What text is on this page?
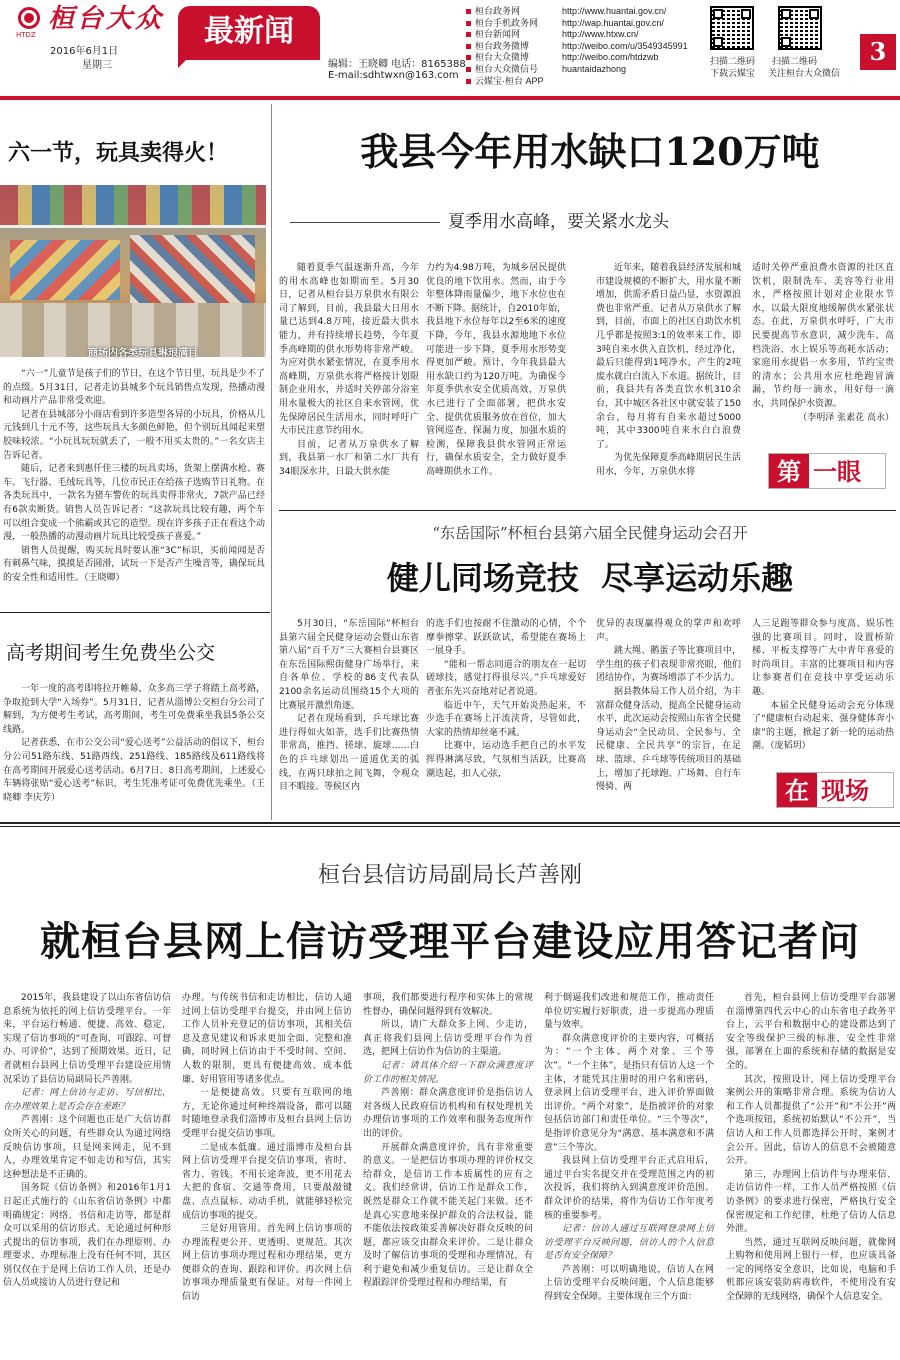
桓台大众
HTDZ
2016年6月1日
星期三
最新闻
编辑：王晓卿 电话：8165388
E-mail:sdhtwxn@163.com
桓台政务网	http://www.huantai.gov.cn/
桓台手机政务网	http://wap.huantai.gov.cn/
桓台新闻网	http://www.htxw.cn/
桓台政务微博	http://weibo.com/u/3549345991
桓台大众微博	http://weibo.com/htdzwb
桓台大众微信号	huantaidazhong
云媒宝·桓台 APP
扫描二维码
下载云媒宝
扫描二维码
关注桓台大众微信
3
六一节，玩具卖得火！
商场内各类玩具琳琅满目

“六一”儿童节是孩子们的节日，在这个节日里，玩具是少不了的点缀。5月31日，记者走访县城多个玩具销售点发现，热播动漫和动画片产品非常受欢迎。

记者在县城部分小商店看到许多造型各异的小玩具，价格从几元钱到几十元不等，这些玩具大多颜色鲜艳，但个别玩具闻起来塑胶味较浓。“小玩具玩玩就丢了，一般不用买太贵的。”一名女店主告诉记者。

随后，记者来到惠仟佳三楼的玩具卖场，货架上摆满水枪、赛车、飞行器、毛绒玩具等，几位市民正在给孩子选购节日礼物。在各类玩具中，一款名为猪车警佐的玩具卖得非常火，7款产品已经有6款卖断货。销售人员告诉记者：“这款玩具比较有趣，两个车可以组合变成一个熊霸或其它的造型。现在许多孩子正在看这个动漫，一般热播的动漫动画片玩具比较受孩子喜爱。”

销售人员提醒，购买玩具时要认准“3C”标识，买前闻闻是否有刺鼻气味，摸摸是否圆滑，试玩一下是否产生噪音等，确保玩具的安全性和适用性。（王晓卿）

高考期间考生免费坐公交

一年一度的高考即将拉开帷幕，众多高三学子将踏上高考路，争取抢到大学“入场券”。5月31日，记者从淄博公交桓台分公司了解到，为方便考生考试，高考期间，考生可免费乘坐我县5条公交线路。

记者获悉，在市公交公司“爱心送考”公益活动的倡议下，桓台分公司51路东线、51路西线、251路线、185路线及611路线将在高考期间开展爱心送考活动。6月7日、8日高考期间，上述爱心车辆将张贴“爱心送考”标识，考生凭准考证可免费优先乘坐。（王晓卿 李庆芳）

我县今年用水缺口120万吨
夏季用水高峰，要关紧水龙头

随着夏季气温逐渐升高，今年的用水高峰也如期而至。5月30日，记者从桓台县万泉供水有限公司了解到，目前，我县最大日用水量已达到4.8万吨，接近最大供水能力，并有持续增长趋势，今年夏季高峰期的供水形势将非常严峻。为应对供水紧张情况，在夏季用水高峰期，万泉供水将严格按计划限制企业用水，并适时关停部分浴室用水量极大的社区自来水管网，优先保障居民生活用水，同时呼吁广大市民注意节约用水。

目前，记者从万泉供水了解到，我县第一水厂和第二水厂共有34眼深水井，日最大供水能

力约为4.98万吨，为城乡居民提供优良的地下饮用水。然而，由于今年整体降雨量偏少，地下水位也在不断下降。据统计，自2010年始，我县地下水位每年以2至6米的速度下降，今年，我县水源地地下水位可能进一步下降，夏季用水形势变得更加严峻。预计，今年我县最大用水缺口约为120万吨。为确保今年夏季供水安全优质高效，万泉供水已进行了全面部署，把供水安全、提供优质服务放在首位，加大管网巡查、探漏力度，加强水质的检测，保障我县供水管网正常运行，确保水质安全，全力做好夏季高峰期供水工作。

近年来，随着我县经济发展和城市建设规模的不断扩大，用水量不断增加，供需矛盾日益凸显，水资源浪费也非常严重。记者从万泉供水了解到，目前，市面上的社区自助饮水机几乎都是按照3:1的效率来工作，即3吨自来水供入直饮机，经过净化，最后只能得到1吨净水，产生的2吨废水就白白流入下水道。据统计，目前，我县共有各类直饮水机310余台，其中城区各社区中就安装了150余台，每月将有自来水超过5000吨，其中3300吨自来水白白浪费了。

为优先保障夏季高峰期居民生活用水，今年，万泉供水将

适时关停严重浪费水资源的社区直饮机，限制洗车、美容等行业用水，严格按照计划对企业限水节水，以最大限度地缓解供水紧张状态。在此，万泉供水呼吁，广大市民要提高节水意识，减少洗车、高档洗浴、水上娱乐等高耗水活动；家庭用水提倡一水多用，节约宝贵的清水；公共用水应杜绝跑冒滴漏，节约每一滴水，用好每一滴水，共同保护水资源。

（李明泽 张素花 高永）

第 一眼
“东岳国际”杯桓台县第六届全民健身运动会召开
健儿同场竞技  尽享运动乐趣

5月30日，“东岳国际”杯桓台县第六届全民健身运动会暨山东省第八届“百千万”三大赛桓台县赛区在东岳国际熙街健身广场举行，来自各单位、学校的86支代表队2100余名运动员围绕15个大项的比赛展开激烈角逐。

记者在现场看到，乒乓球比赛进行得如火如荼，选手们比赛热情非常高，推挡、搓球、旋球……白色的乒乓球划出一道道优美的弧线，在两只球拍之间飞舞，令观众目不暇接。等候区内

的选手们也按耐不住激动的心情，个个摩拳擦掌、跃跃欲试，希望能在赛场上一展身手。

“能和一帮志同道合的朋友在一起切磋球技，感觉打得很尽兴。”乒乓球爱好者张东先兴奋地对记者说道。

临近中午，天气开始炎热起来，不少选手在赛场上汗流浃背，尽管如此，大家的热情却丝毫不减。

比赛中，运动选手把自己的水平发挥得淋漓尽致，气氛相当活跃，比赛高潮迭起，扣人心弦，

优异的表现赢得观众的掌声和欢呼声。

跳大绳、鹅蛋子等比赛项目中，学生组的孩子们表现非常亮眼，他们团结协作，为赛场增添了不少活力。

据县教体局工作人员介绍，为丰富群众健身活动，提高全民健身运动水平，此次运动会按照山东省全民健身运动会“全民动员、全民参与、全民健康、全民共享”的宗旨，在足球、篮球、乒乓球等传统项目的基础上，增加了托球跑、广场舞、自行车慢骑、两

人三足跑等群众参与度高、娱乐性强的比赛项目。同时，设置桥阶梯、平板支撑等广大中青年喜爱的时尚项目。丰富的比赛项目和内容让参赛者们在竞技中享受运动乐趣。

本届全民健身运动会充分体现了“健康桓台动起来、强身健体奔小康”的主题，掀起了新一轮的运动热潮。（庞韬玥）

在 现场
桓台县信访局副局长芦善刚
就桓台县网上信访受理平台建设应用答记者问

2015年，我县建设了以山东省信访信息系统为依托的网上信访受理平台。一年来，平台运行畅通、便捷、高效、稳定，实现了信访事项的“可查询、可跟踪、可督办、可评价”，达到了预期效果。近日，记者就桓台县网上信访受理平台建设应用情况采访了县信访局副局长芦善刚。

记者：网上信访与走访、写信相比，在办理效果上是否会存在差距？

芦善刚：这个问题也正是广大信访群众所关心的问题，有些群众认为通过网络反映信访事项，只是网来网走，见不到人，办理效果肯定不如走访和写信，其实这种想法是不正确的。

国务院《信访条例》和2016年1月1日起正式施行的《山东省信访条例》中都明确规定：网络、书信和走访等，都是群众可以采用的信访形式。无论通过何种形式提出的信访事项，我们在办理原则、办理要求、办理标准上没有任何不同，其区别仅仅在于是网上信访工作人员，还是办信人员或接访人员进行登记和

办理。与传统书信和走访相比，信访人通过网上信访受理平台提交，并由网上信访工作人员补充登记的信访事项，其相关信息及意见建议和诉求更加全面、完整和准确，同时网上信访由于不受时间、空间、人数的限制，更具有便捷高效、成本低廉、好用管用等诸多优点。

一是便捷高效。只要有互联网的地方，无论你通过何种终端设备，都可以随时随地登录我们淄博市及桓台县网上信访受理平台提交信访事项。

二是成本低廉。通过淄博市及桓台县网上信访受理平台提交信访事项，省时、省力、省钱。不用长途奔波，更不用花去大把的食宿、交通等费用，只要敲敲键盘、点点鼠标、动动手机，就能够轻松完成信访事项的提交。

三是好用管用。首先网上信访事项的办理流程更公开、更透明、更规范。其次网上信访事项办理过程和办理结果，更方便群众的查询、跟踪和评价。再次网上信访事项办理质量更有保证。对每一件网上信访

事项，我们都要进行程序和实体上的常规性督办，确保问题得到有效解决。

所以，请广大群众多上网、少走访，真正将我们县网上信访受理平台作为首选，把网上信访作为信访的主渠道。

记者：请具体介绍一下群众满意度评价工作的相关情况。

芦善刚：群众满意度评价是指信访人对各级人民政府信访机构和有权处理机关办理信访事项的工作效率和服务态度所作出的评价。

开展群众满意度评价，具有非常重要的意义。一是把信访事项办理的评价权交给群众，是信访工作本质属性的应有之义。我们经常讲，信访工作是群众工作，既然是群众工作就不能关起门来做。还不是真心实意地来保护群众的合法权益，能不能依法按政策妥善解决好群众反映的问题，都应该交由群众来评价。二是让群众及时了解信访事项的受理和办理情况，有利于避免和减少重复信访。三是让群众全程跟踪评价受理过程和办理结果，有

利于倒逼我们改进和规范工作，推动责任单位切实履行好职责，进一步提高办理质量与效率。

群众满意度评价的主要内容，可概括为：“一个主体、两个对象、三个等次”。“一个主体”，是指只有信访人这一个主体，才能凭其注册时的用户名和密码，登录网上信访受理平台，进入评价界面做出评价。“两个对象”，是指被评价的对象包括信访部门和责任单位。“三个等次”，是指评价意见分为“满意、基本满意和不满意”三个等次。

我县网上信访受理平台正式启用后，通过平台实名提交并在受理范围之内的初次投诉，我们将纳入到满意度评价范围。群众评价的结果，将作为信访工作年度考核的重要参考。

记者：信访人通过互联网登录网上信访受理平台反映问题，信访人的个人信息是否有安全保障？

芦善刚：可以明确地说，信访人在网上信访受理平台反映问题，个人信息能够得到安全保障。主要体现在三个方面：

首先，桓台县网上信访受理平台部署在淄博第四代云中心的山东省电子政务平台上，云平台和数据中心的建设都达到了安全等级保护三级的标准，安全性非常强，部署在上面的系统和存储的数据是安全的。

其次，按照设计，网上信访受理平台案例公开的策略非常合理。系统为信访人和工作人员都提供了“公开”和“不公开”两个选项按钮，系统初始默认“不公开”，当信访人和工作人员都选择公开时，案例才会公开。因此，信访人的信息不会被随意公开。

第三，办理网上信访件与办理来信、走访信访件一样，工作人员严格按照《信访条例》的要求进行保密，严格执行安全保密规定和工作纪律，杜绝了信访人信息外泄。

当然，通过互联网反映问题，就像网上购物和使用网上银行一样，也应该具备一定的网络安全意识，比如说，电脑和手机都应该安装防病毒软件，不使用没有安全保障的无线网络，确保个人信息安全。
